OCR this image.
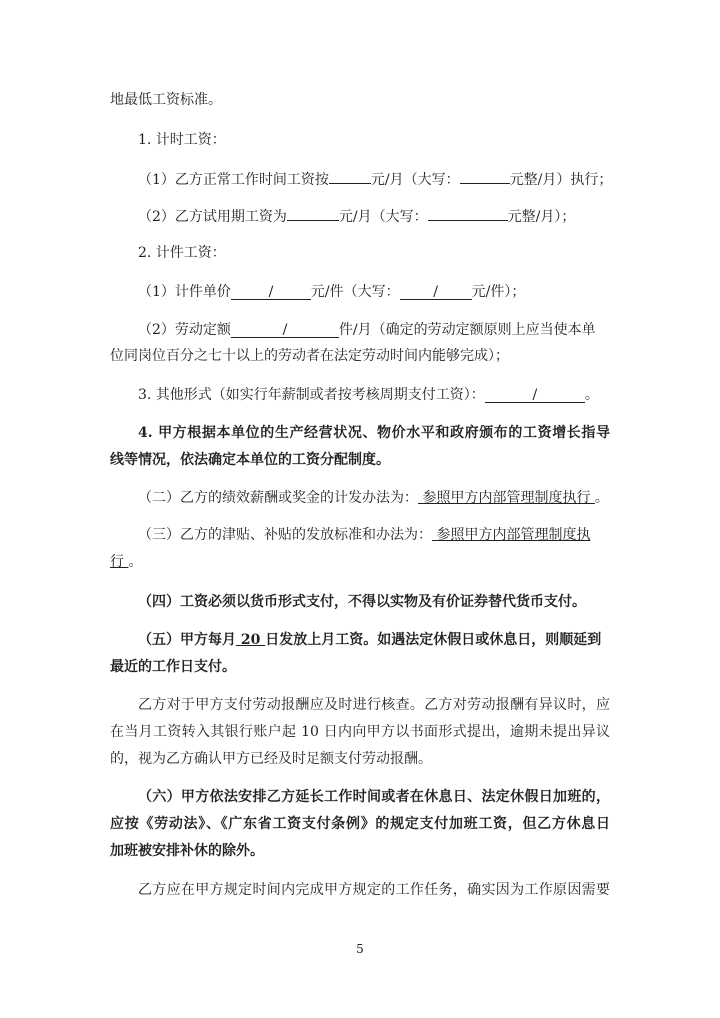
地最低工资标准。
1. 计时工资：
（1）乙方正常工作时间工资按	元/月（大写：	元整/月）执行；
（2）乙方试用期工资为	元/月（大写：	元整/月）；
2. 计件工资：
（1）计件单价	/	元/件（大写： / 元/件）；
（2）劳动定额	/	件/月（确定的劳动定额原则上应当使本单
位同岗位百分之七十以上的劳动者在法定劳动时间内能够完成）；
3. 其他形式（如实行年薪制或者按考核周期支付工资）：	/	。
4. 甲方根据本单位的生产经营状况、物价水平和政府颁布的工资增长指导
线等情况，依法确定本单位的工资分配制度。
（二）乙方的绩效薪酬或奖金的计发办法为： 参照甲方内部管理制度执行 。
（三）乙方的津贴、补贴的发放标准和办法为： 参照甲方内部管理制度执
行 。
（四）工资必须以货币形式支付，不得以实物及有价证券替代货币支付。
（五）甲方每月 20 日发放上月工资。如遇法定休假日或休息日，则顺延到
最近的工作日支付。
乙方对于甲方支付劳动报酬应及时进行核查。乙方对劳动报酬有异议时，应
在当月工资转入其银行账户起 10 日内向甲方以书面形式提出，逾期未提出异议
的，视为乙方确认甲方已经及时足额支付劳动报酬。
（六）甲方依法安排乙方延长工作时间或者在休息日、法定休假日加班的，
应按《劳动法》、《广东省工资支付条例》的规定支付加班工资，但乙方休息日
加班被安排补休的除外。
乙方应在甲方规定时间内完成甲方规定的工作任务，确实因为工作原因需要
5
